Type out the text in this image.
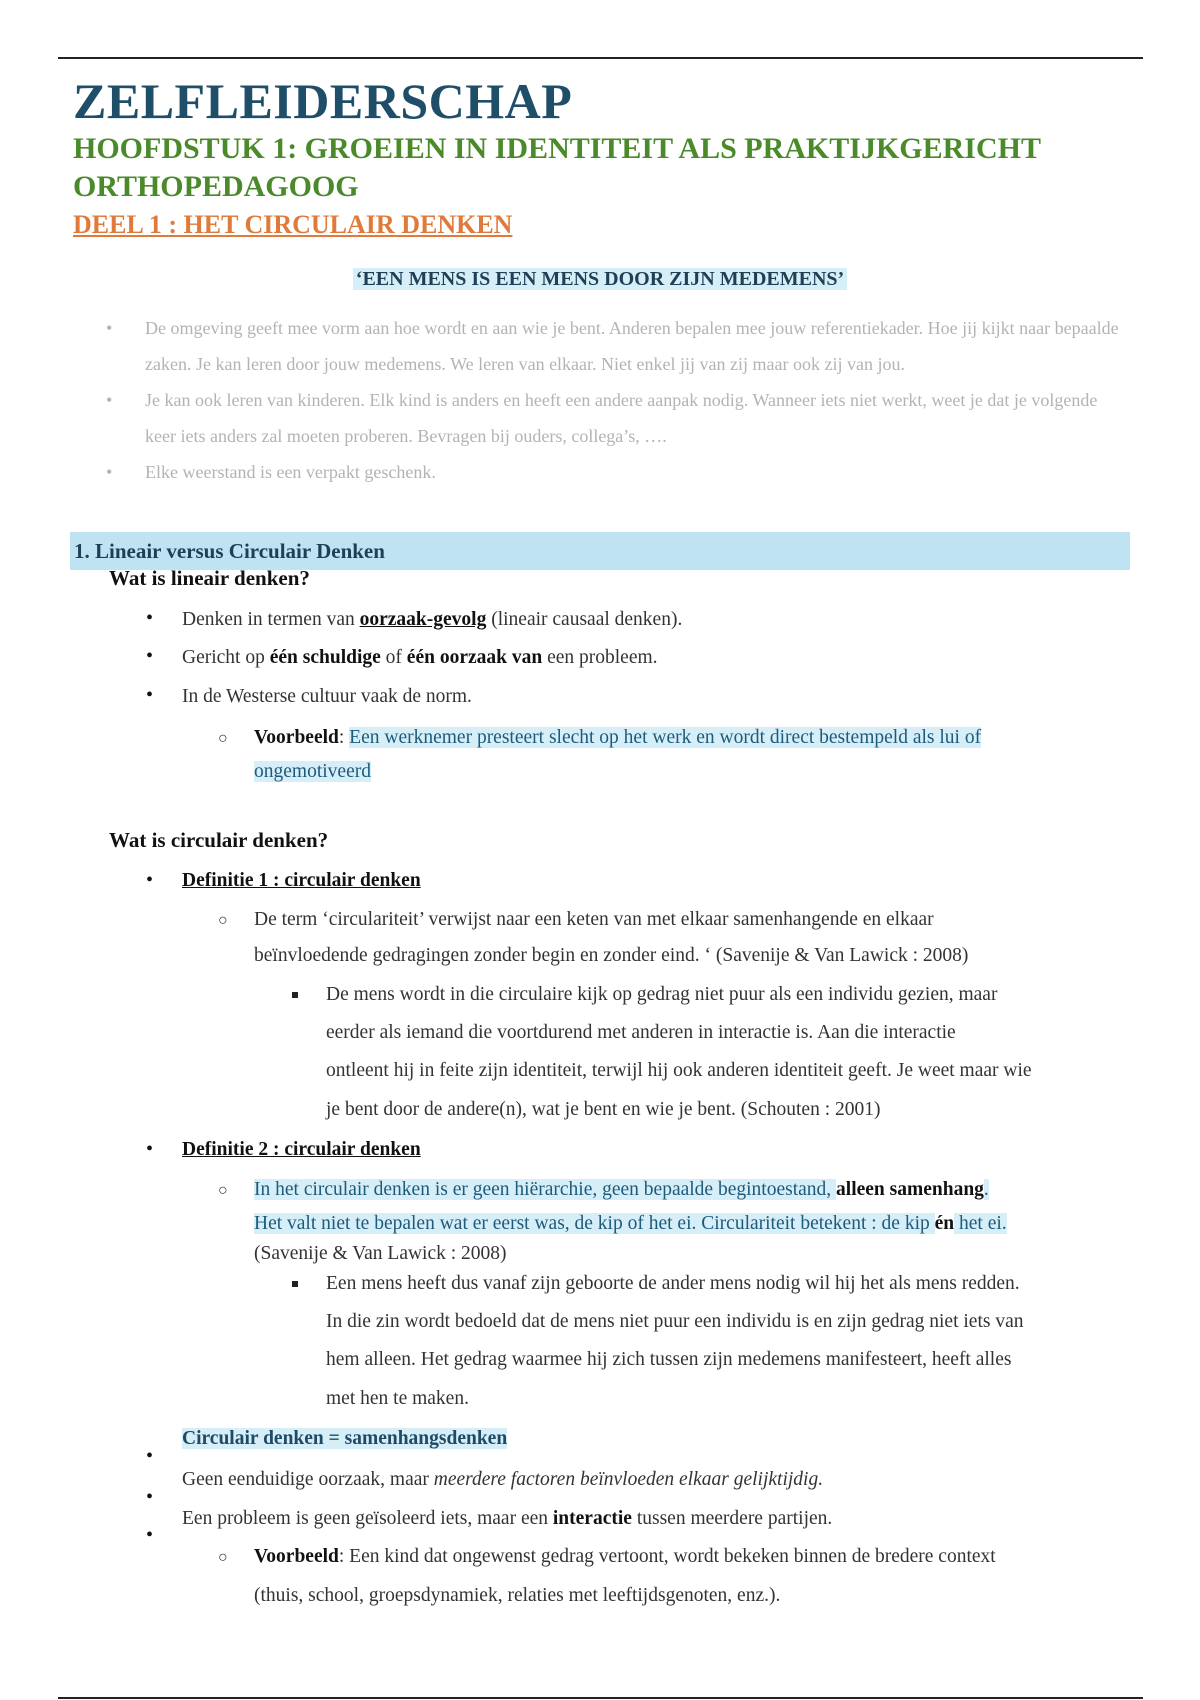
ZELFLEIDERSCHAP
HOOFDSTUK 1: GROEIEN IN IDENTITEIT ALS PRAKTIJKGERICHT ORTHOPEDAGOOG
DEEL 1 : HET CIRCULAIR DENKEN
‘EEN MENS IS EEN MENS DOOR ZIJN MEDEMENS’
• De omgeving geeft mee vorm aan hoe wordt en aan wie je bent. Anderen bepalen mee jouw referentiekader. Hoe jij kijkt naar bepaalde zaken. Je kan leren door jouw medemens. We leren van elkaar. Niet enkel jij van zij maar ook zij van jou.
• Je kan ook leren van kinderen. Elk kind is anders en heeft een andere aanpak nodig. Wanneer iets niet werkt, weet je dat je volgende keer iets anders zal moeten proberen. Bevragen bij ouders, collega’s, ….
• Elke weerstand is een verpakt geschenk.
1. Lineair versus Circulair Denken
Wat is lineair denken?
• Denken in termen van oorzaak-gevolg (lineair causaal denken).
• Gericht op één schuldige of één oorzaak van een probleem.
• In de Westerse cultuur vaak de norm.
○ Voorbeeld: Een werknemer presteert slecht op het werk en wordt direct bestempeld als lui of
ongemotiveerd
Wat is circulair denken?
• Definitie 1 : circulair denken
○ De term ‘circulariteit’ verwijst naar een keten van met elkaar samenhangende en elkaar
beïnvloedende gedragingen zonder begin en zonder eind. ‘ (Savenije & Van Lawick : 2008)
De mens wordt in die circulaire kijk op gedrag niet puur als een individu gezien, maar
eerder als iemand die voortdurend met anderen in interactie is. Aan die interactie
ontleent hij in feite zijn identiteit, terwijl hij ook anderen identiteit geeft. Je weet maar wie
je bent door de andere(n), wat je bent en wie je bent. (Schouten : 2001)
• Definitie 2 : circulair denken
○ In het circulair denken is er geen hiërarchie, geen bepaalde begintoestand, alleen samenhang.
Het valt niet te bepalen wat er eerst was, de kip of het ei. Circulariteit betekent : de kip én het ei.
(Savenije & Van Lawick : 2008)
Een mens heeft dus vanaf zijn geboorte de ander mens nodig wil hij het als mens redden.
In die zin wordt bedoeld dat de mens niet puur een individu is en zijn gedrag niet iets van
hem alleen. Het gedrag waarmee hij zich tussen zijn medemens manifesteert, heeft alles
met hen te maken.
•
Circulair denken = samenhangsdenken
•
Geen eenduidige oorzaak, maar meerdere factoren beïnvloeden elkaar gelijktijdig.
•
Een probleem is geen geïsoleerd iets, maar een interactie tussen meerdere partijen.
○ Voorbeeld: Een kind dat ongewenst gedrag vertoont, wordt bekeken binnen de bredere context
(thuis, school, groepsdynamiek, relaties met leeftijdsgenoten, enz.).
